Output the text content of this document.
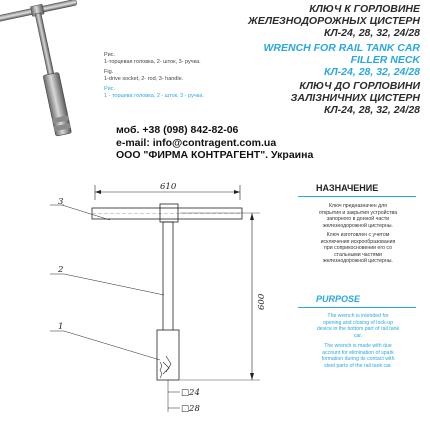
КЛЮЧ К ГОРЛОВИНЕ
ЖЕЛЕЗНОДОРОЖНЫХ ЦИСТЕРН
КЛ-24, 28, 32, 24/28
WRENCH FOR RAIL TANK CAR
FILLER NECK
КЛ-24, 28, 32, 24/28
КЛЮЧ ДО ГОРЛОВИНИ
ЗАЛІЗНИЧНИХ ЦИСТЕРН
КЛ-24, 28, 32, 24/28
Рис.
1-торцевая головка, 2- шток, 3- ручка.
Fig.
1-drive socket, 2- rod, 3- handle.
Рис.
1 - торцева головка, 2 - шток, 3 - ручка.
моб. +38 (098) 842-82-06
e-mail: info@contragent.com.ua
ООО "ФИРМА КОНТРАГЕНТ". Украина
610
600
3
2
1
□24
□28
НАЗНАЧЕНИЕ
Ключ предназначен для
открытия и закрытия устройства
запорного в донной части
железнодорожной цистерны.
Ключ изготовлен с учетом
исключения искрообразования
при соприкосновении его со
стальными частями
железнодорожной цистерны.
PURPOSE
The wrench is intended for
opening and closing of lock-up
device in the bottom part of rail tank
car.
The wrench is made with due
account for elimination of spark
formation during its contact with
steel parts of the rail tank car.
